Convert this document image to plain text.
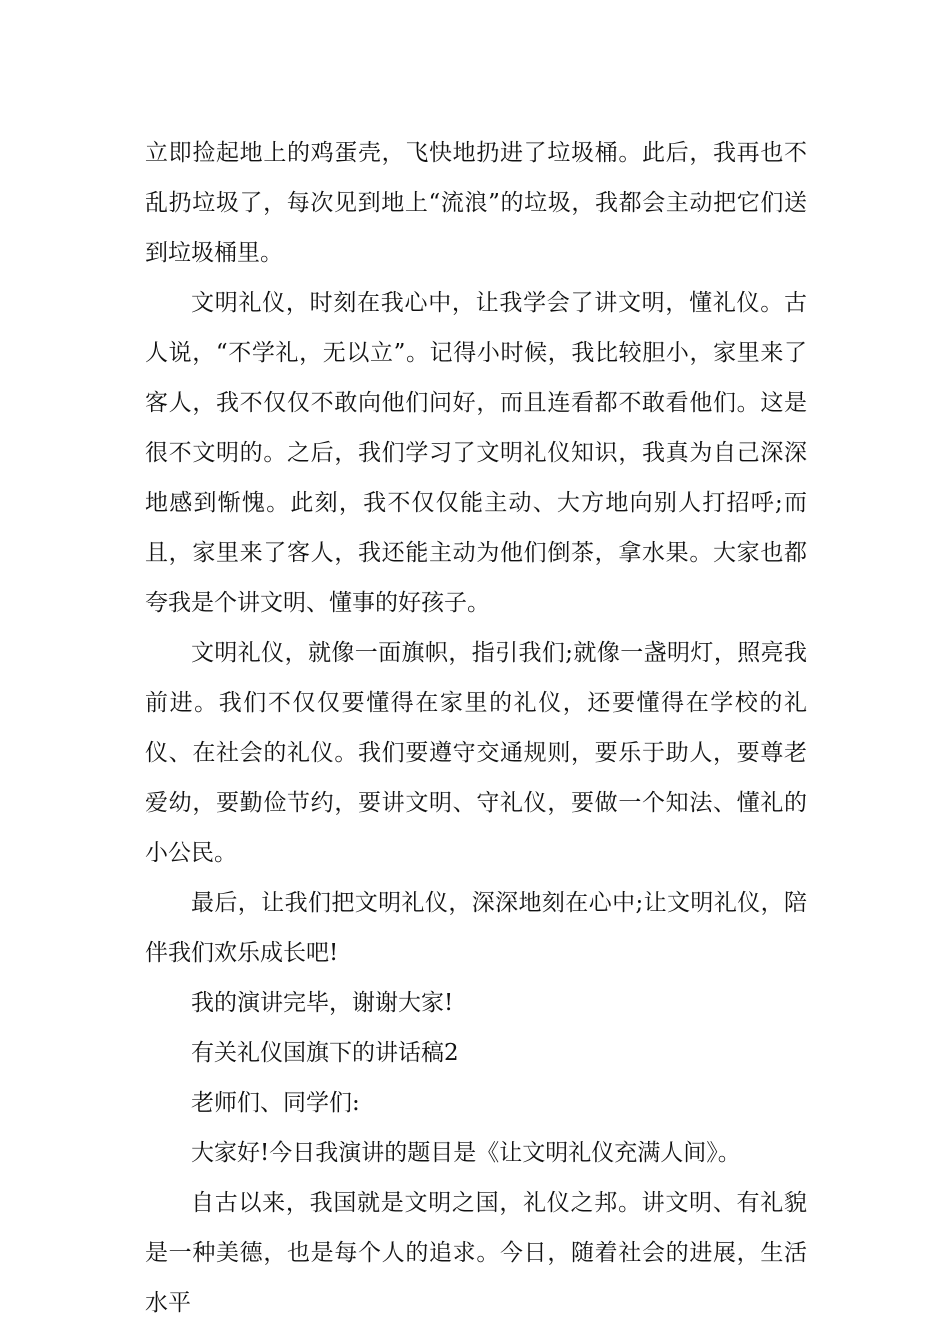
立即捡起地上的鸡蛋壳，飞快地扔进了垃圾桶。此后，我再也不乱扔垃圾了，每次见到地上“流浪”的垃圾，我都会主动把它们送到垃圾桶里。

文明礼仪，时刻在我心中，让我学会了讲文明，懂礼仪。古人说，“不学礼，无以立”。记得小时候，我比较胆小，家里来了客人，我不仅仅不敢向他们问好，而且连看都不敢看他们。这是很不文明的。之后，我们学习了文明礼仪知识，我真为自己深深地感到惭愧。此刻，我不仅仅能主动、大方地向别人打招呼;而且，家里来了客人，我还能主动为他们倒茶，拿水果。大家也都夸我是个讲文明、懂事的好孩子。

文明礼仪，就像一面旗帜，指引我们;就像一盏明灯，照亮我前进。我们不仅仅要懂得在家里的礼仪，还要懂得在学校的礼仪、在社会的礼仪。我们要遵守交通规则，要乐于助人，要尊老爱幼，要勤俭节约，要讲文明、守礼仪，要做一个知法、懂礼的小公民。

最后，让我们把文明礼仪，深深地刻在心中;让文明礼仪，陪伴我们欢乐成长吧!

我的演讲完毕，谢谢大家!

有关礼仪国旗下的讲话稿2

老师们、同学们:

大家好!今日我演讲的题目是《让文明礼仪充满人间》。

自古以来，我国就是文明之国，礼仪之邦。讲文明、有礼貌是一种美德，也是每个人的追求。今日，随着社会的进展，生活水平
